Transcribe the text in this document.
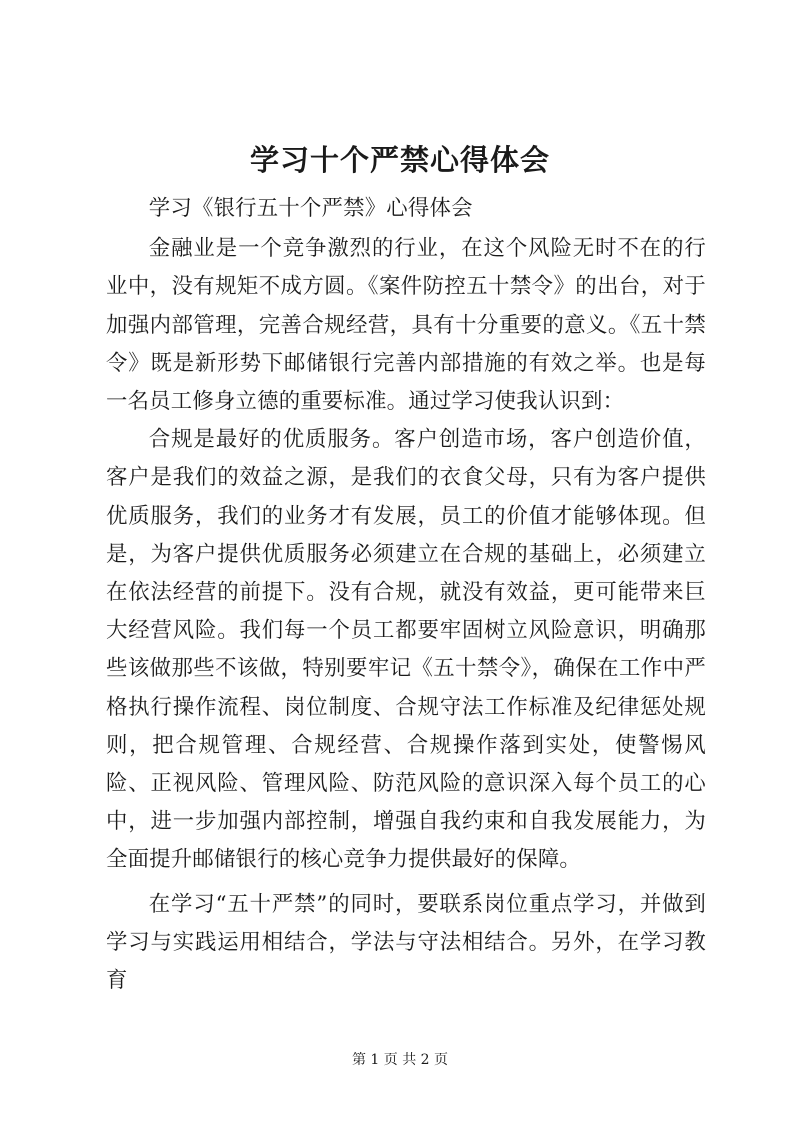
学习十个严禁心得体会

学习《银行五十个严禁》心得体会

金融业是一个竞争激烈的行业，在这个风险无时不在的行业中，没有规矩不成方圆。《案件防控五十禁令》的出台，对于加强内部管理，完善合规经营，具有十分重要的意义。《五十禁令》既是新形势下邮储银行完善内部措施的有效之举。也是每一名员工修身立德的重要标准。通过学习使我认识到：

合规是最好的优质服务。客户创造市场，客户创造价值，客户是我们的效益之源，是我们的衣食父母，只有为客户提供优质服务，我们的业务才有发展，员工的价值才能够体现。但是，为客户提供优质服务必须建立在合规的基础上，必须建立在依法经营的前提下。没有合规，就没有效益，更可能带来巨大经营风险。我们每一个员工都要牢固树立风险意识，明确那些该做那些不该做，特别要牢记《五十禁令》，确保在工作中严格执行操作流程、岗位制度、合规守法工作标准及纪律惩处规则，把合规管理、合规经营、合规操作落到实处，使警惕风险、正视风险、管理风险、防范风险的意识深入每个员工的心中，进一步加强内部控制，增强自我约束和自我发展能力，为全面提升邮储银行的核心竞争力提供最好的保障。

在学习“五十严禁”的同时，要联系岗位重点学习，并做到学习与实践运用相结合，学法与守法相结合。另外，在学习教育

第 1 页 共 2 页
